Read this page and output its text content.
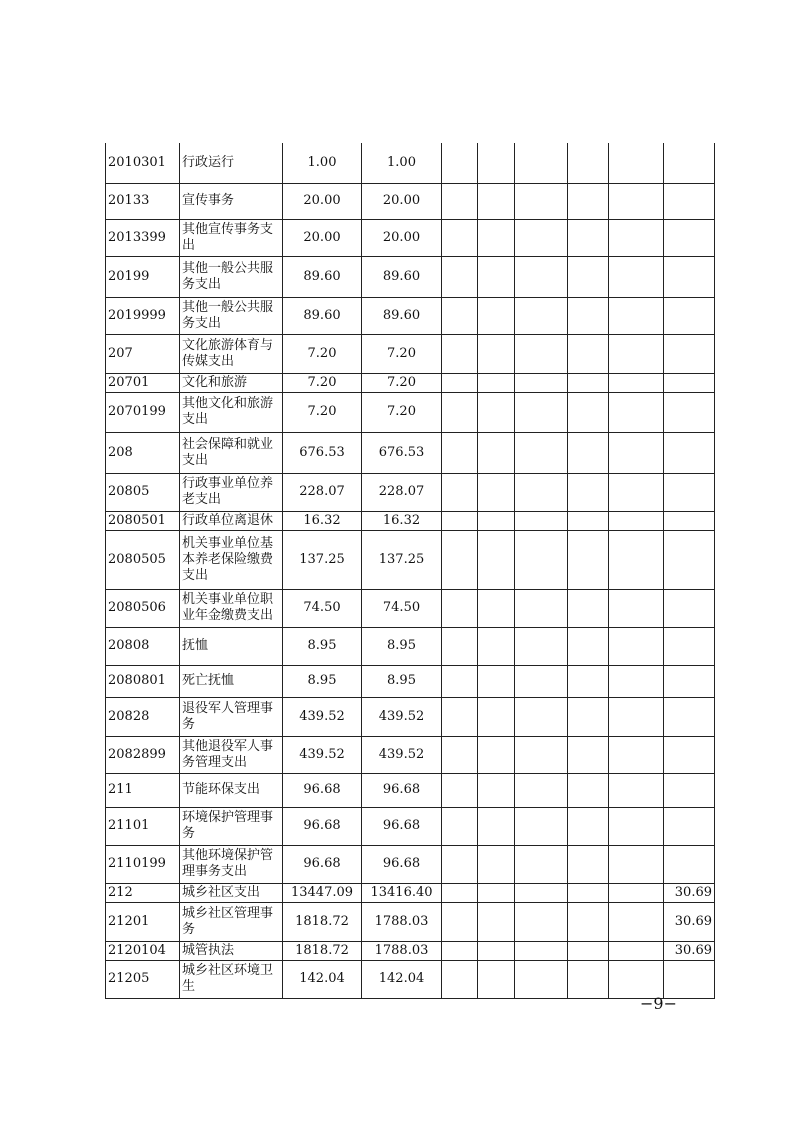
2010301	行政运行	1.00	1.00						
20133	宣传事务	20.00	20.00						
2013399	其他宣传事务支出	20.00	20.00						
20199	其他一般公共服务支出	89.60	89.60						
2019999	其他一般公共服务支出	89.60	89.60						
207	文化旅游体育与传媒支出	7.20	7.20						
20701	文化和旅游	7.20	7.20						
2070199	其他文化和旅游支出	7.20	7.20						
208	社会保障和就业支出	676.53	676.53						
20805	行政事业单位养老支出	228.07	228.07						
2080501	行政单位离退休	16.32	16.32						
2080505	机关事业单位基本养老保险缴费支出	137.25	137.25						
2080506	机关事业单位职业年金缴费支出	74.50	74.50						
20808	抚恤	8.95	8.95						
2080801	死亡抚恤	8.95	8.95						
20828	退役军人管理事务	439.52	439.52						
2082899	其他退役军人事务管理支出	439.52	439.52						
211	节能环保支出	96.68	96.68						
21101	环境保护管理事务	96.68	96.68						
2110199	其他环境保护管理事务支出	96.68	96.68						
212	城乡社区支出	13447.09	13416.40						30.69
21201	城乡社区管理事务	1818.72	1788.03						30.69
2120104	城管执法	1818.72	1788.03						30.69
21205	城乡社区环境卫生	142.04	142.04						
−9−
